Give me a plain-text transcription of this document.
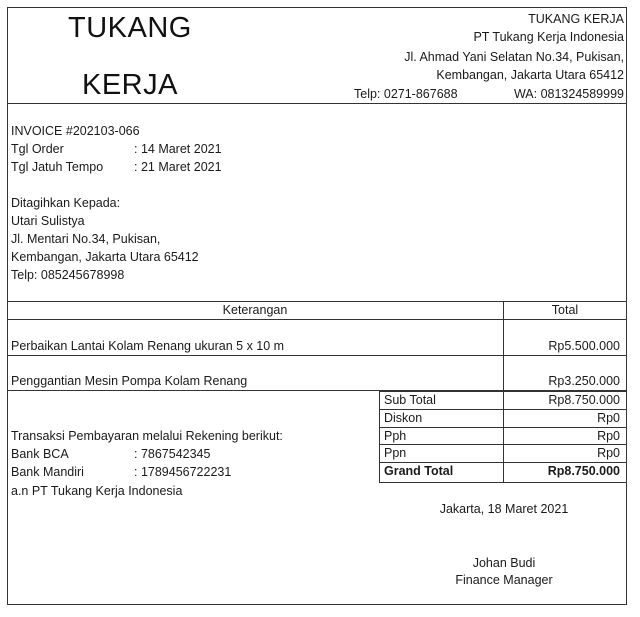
TUKANG
KERJA
TUKANG KERJA
PT Tukang Kerja Indonesia
Jl. Ahmad Yani Selatan No.34, Pukisan,
Kembangan, Jakarta Utara 65412
Telp: 0271-867688	WA: 081324589999
INVOICE #202103-066
Tgl Order	: 14 Maret 2021
Tgl Jatuh Tempo : 21 Maret 2021
Ditagihkan Kepada:
Utari Sulistya
Jl. Mentari No.34, Pukisan,
Kembangan, Jakarta Utara 65412
Telp: 085245678998
Keterangan	Total
Perbaikan Lantai Kolam Renang ukuran 5 x 10 m	Rp5.500.000
Penggantian Mesin Pompa Kolam Renang	Rp3.250.000
Sub Total	Rp8.750.000
Diskon	Rp0
Pph	Rp0
Ppn	Rp0
Grand Total	Rp8.750.000
Transaksi Pembayaran melalui Rekening berikut:
Bank BCA	: 7867542345
Bank Mandiri	: 1789456722231
a.n PT Tukang Kerja Indonesia
Jakarta, 18 Maret 2021
Johan Budi
Finance Manager
